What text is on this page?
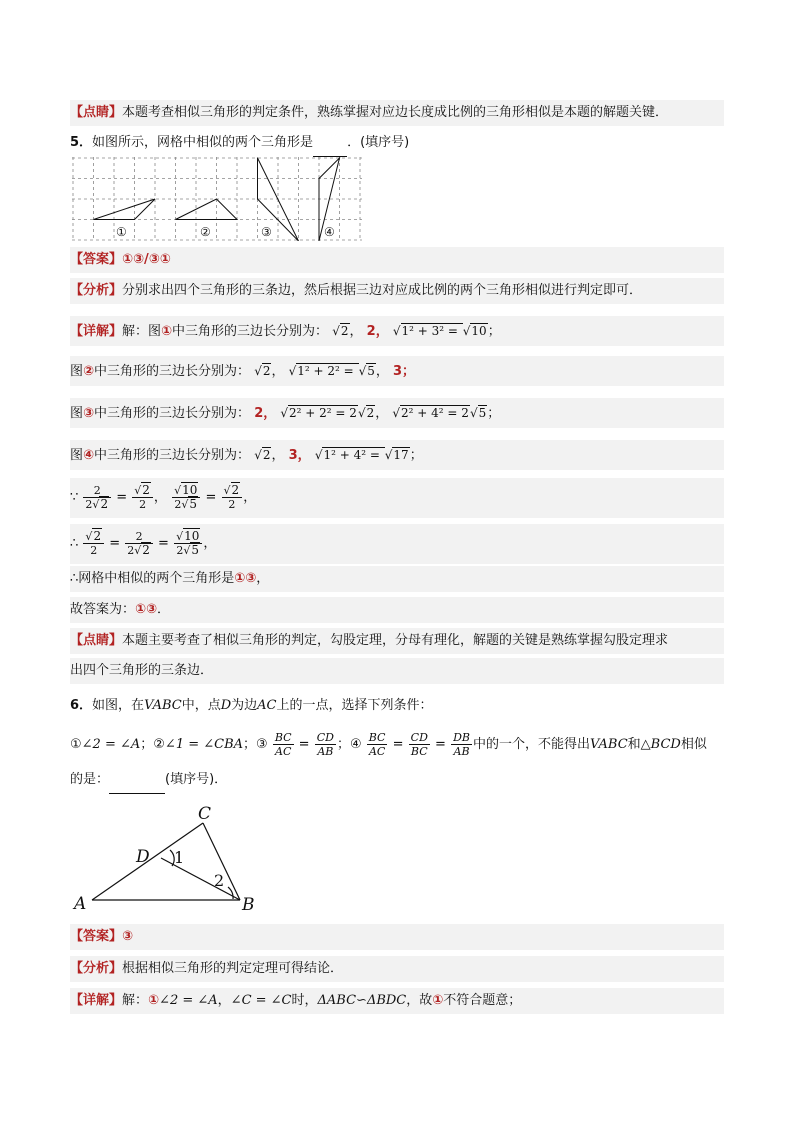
【点睛】本题考查相似三角形的判定条件，熟练掌握对应边长度成比例的三角形相似是本题的解题关键．
5．如图所示，网格中相似的两个三角形是	．(填序号)
①	②	③	④
【答案】①③/③①
【分析】分别求出四个三角形的三条边，然后根据三边对应成比例的两个三角形相似进行判定即可．
【详解】解：图①中三角形的三边长分别为： √2， 2， √1² + 3² = √10；
图②中三角形的三边长分别为： √2， √1² + 2² = √5， 3；
图③中三角形的三边长分别为： 2， √2² + 2² = 2√2， √2² + 4² = 2√5；
图④中三角形的三边长分别为： √2， 3， √1² + 4² = √17；
∵ $\frac{2}{2√2} = \frac{√2}{2}$ ， $\frac{√10}{2√5} = \frac{√2}{2}$ ，
∴ $\frac{√2}{2} = \frac{2}{2√2} = \frac{√10}{2√5}$ ，
∴网格中相似的两个三角形是①③，
故答案为：①③．
【点睛】本题主要考查了相似三角形的判定，勾股定理，分母有理化，解题的关键是熟练掌握勾股定理求
出四个三角形的三条边．
6．如图，在VABC中，点D为边AC上的一点，选择下列条件：
①∠2 = ∠A；②∠1 = ∠CBA；③ $\frac{BC}{AC} = \frac{CD}{AB}$ ；④ $\frac{BC}{AC} = \frac{CD}{BC} = \frac{DB}{AB}$ 中的一个，不能得出VABC和△BCD相似
的是：	(填序号)．
C
D
A	B
1
2
【答案】③
【分析】根据相似三角形的判定定理可得结论．
【详解】解：①∠2 = ∠A，∠C = ∠C时，ΔABC∽ΔBDC，故①不符合题意；
